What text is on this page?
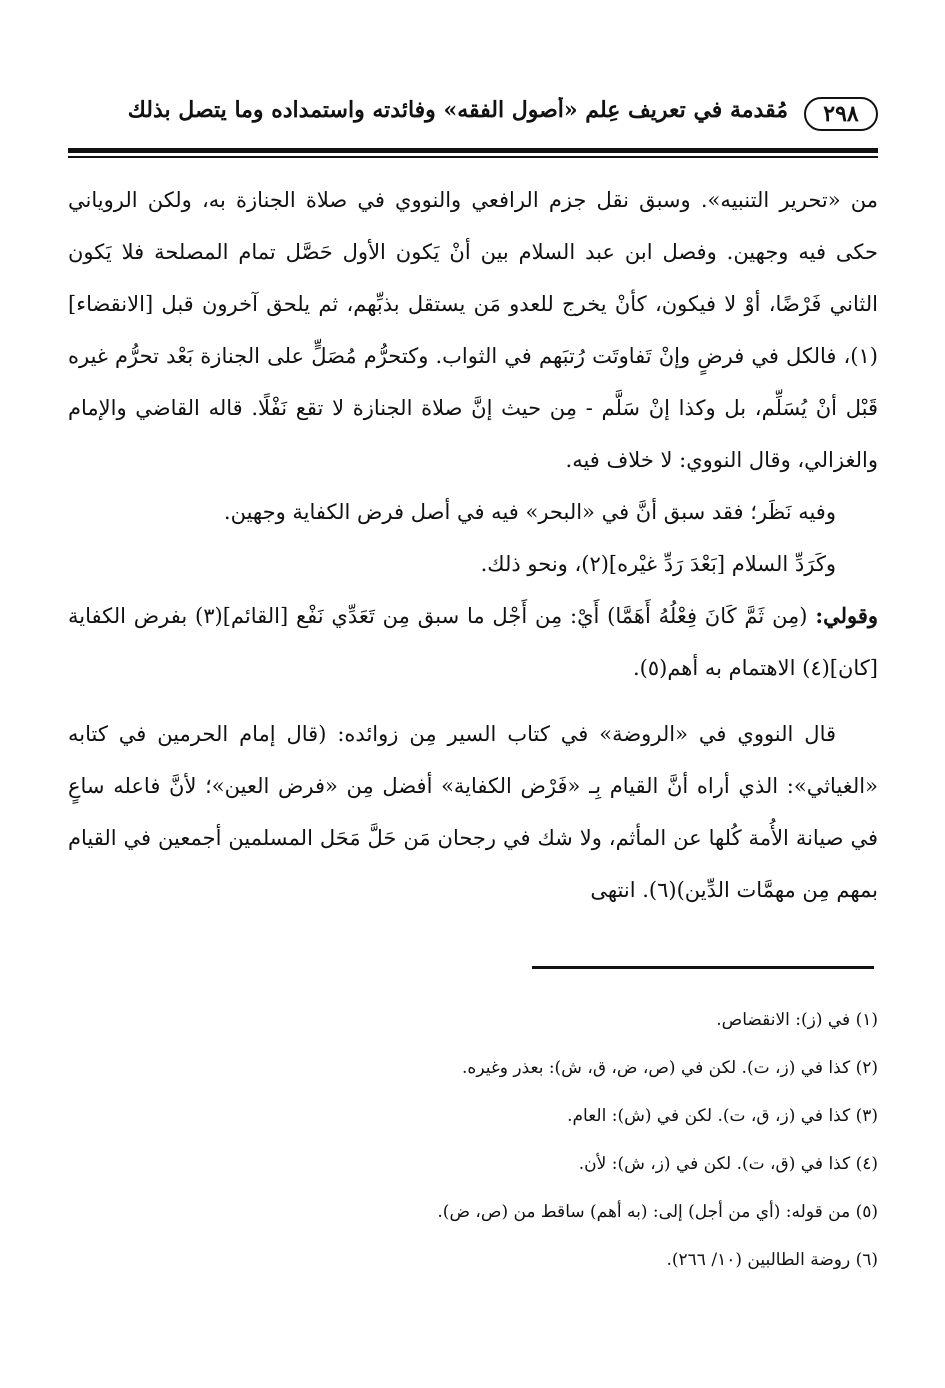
٢٩٨
مُقدمة في تعريف عِلم «أصول الفقه» وفائدته واستمداده وما يتصل بذلك

من «تحرير التنبيه». وسبق نقل جزم الرافعي والنووي في صلاة الجنازة به، ولكن الروياني حكى فيه وجهين. وفصل ابن عبد السلام بين أنْ يَكون الأول حَصَّل تمام المصلحة فلا يَكون الثاني فَرْضًا، أوْ لا فيكون، كأنْ يخرج للعدو مَن يستقل بذبِّهم، ثم يلحق آخرون قبل [الانقضاء](١)، فالكل في فرضٍ وإنْ تَفاوتَت رُتبَهم في الثواب. وكتحرُّم مُصَلٍّ على الجنازة بَعْد تحرُّم غيره قَبْل أنْ يُسَلِّم، بل وكذا إنْ سَلَّم - مِن حيث إنَّ صلاة الجنازة لا تقع نَفْلًا. قاله القاضي والإمام والغزالي، وقال النووي: لا خلاف فيه.

وفيه نَظَر؛ فقد سبق أنَّ في «البحر» فيه في أصل فرض الكفاية وجهين.

وكَرَدِّ السلام [بَعْدَ رَدِّ غيْره](٢)، ونحو ذلك.

وقولي: (مِن ثَمَّ كَانَ فِعْلُهُ أَهَمَّا) أَيْ: مِن أَجْل ما سبق مِن تَعَدِّي نَفْع [القائم](٣) بفرض الكفاية [كان](٤) الاهتمام به أهم(٥).

قال النووي في «الروضة» في كتاب السير مِن زوائده: (قال إمام الحرمين في كتابه «الغياثي»: الذي أراه أنَّ القيام بِـ «فَرْض الكفاية» أفضل مِن «فرض العين»؛ لأنَّ فاعله ساعٍ في صيانة الأُمة كُلها عن المأثم، ولا شك في رجحان مَن حَلَّ مَحَل المسلمين أجمعين في القيام بمهم مِن مهمَّات الدِّين)(٦). انتهى

(١) في (ز): الانقضاص.
(٢) كذا في (ز، ت). لكن في (ص، ض، ق، ش): بعذر وغيره.
(٣) كذا في (ز، ق، ت). لكن في (ش): العام.
(٤) كذا في (ق، ت). لكن في (ز، ش): لأن.
(٥) من قوله: (أي من أجل) إلى: (به أهم) ساقط من (ص، ض).
(٦) روضة الطالبين (١٠/ ٢٦٦).
